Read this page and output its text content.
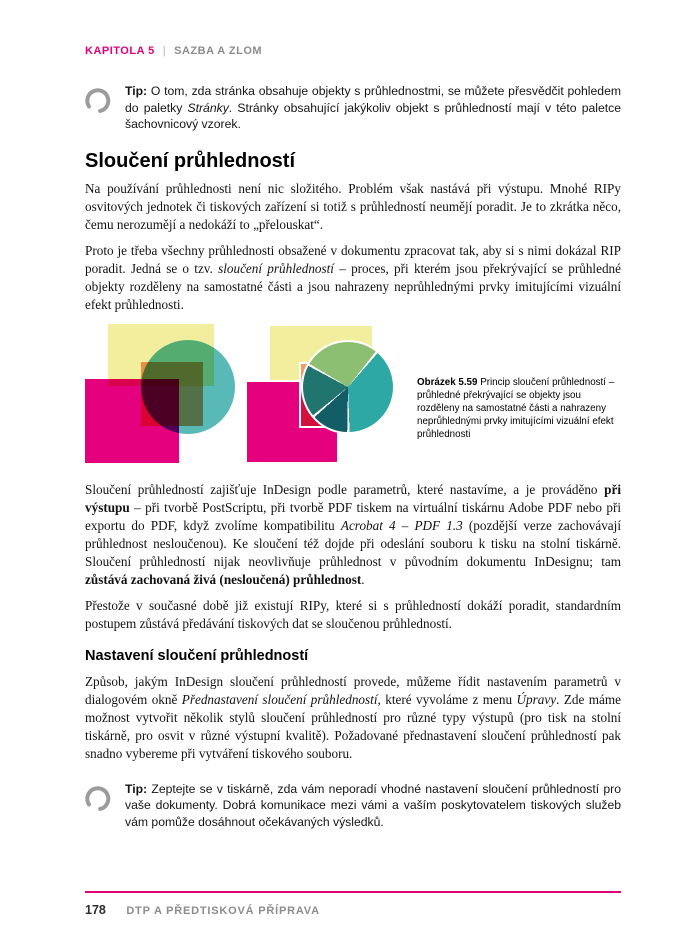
KAPITOLA 5 | SAZBA A ZLOM

Tip: O tom, zda stránka obsahuje objekty s průhlednostmi, se můžete přesvědčit pohledem do paletky Stránky. Stránky obsahující jakýkoliv objekt s průhledností mají v této paletce šachovnicový vzorek.

Sloučení průhledností

Na používání průhlednosti není nic složitého. Problém však nastává při výstupu. Mnohé RIPy osvitových jednotek či tiskových zařízení si totiž s průhledností neumějí poradit. Je to zkrátka něco, čemu nerozumějí a nedokáží to „přelouskat“.

Proto je třeba všechny průhlednosti obsažené v dokumentu zpracovat tak, aby si s nimi dokázal RIP poradit. Jedná se o tzv. sloučení průhledností – proces, při kterém jsou překrývající se průhledné objekty rozděleny na samostatné části a jsou nahrazeny neprůhlednými prvky imitujícími vizuální efekt průhlednosti.

Obrázek 5.59 Princip sloučení průhledností – průhledné překrývající se objekty jsou rozděleny na samostatné části a nahrazeny neprůhlednými prvky imitujícími vizuální efekt průhlednosti

Sloučení průhledností zajišťuje InDesign podle parametrů, které nastavíme, a je prováděno při výstupu – při tvorbě PostScriptu, při tvorbě PDF tiskem na virtuální tiskárnu Adobe PDF nebo při exportu do PDF, když zvolíme kompatibilitu Acrobat 4 – PDF 1.3 (pozdější verze zachovávají průhlednost nesloučenou). Ke sloučení též dojde při odeslání souboru k tisku na stolní tiskárně. Sloučení průhledností nijak neovlivňuje průhlednost v původním dokumentu InDesignu; tam zůstává zachovaná živá (nesloučená) průhlednost.

Přestože v současné době již existují RIPy, které si s průhledností dokáží poradit, standardním postupem zůstává předávání tiskových dat se sloučenou průhledností.

Nastavení sloučení průhledností

Způsob, jakým InDesign sloučení průhledností provede, můžeme řídit nastavením parametrů v dialogovém okně Přednastavení sloučení průhledností, které vyvoláme z menu Úpravy. Zde máme možnost vytvořit několik stylů sloučení průhledností pro různé typy výstupů (pro tisk na stolní tiskárně, pro osvit v různé výstupní kvalitě). Požadované přednastavení sloučení průhledností pak snadno vybereme při vytváření tiskového souboru.

Tip: Zeptejte se v tiskárně, zda vám neporadí vhodné nastavení sloučení průhledností pro vaše dokumenty. Dobrá komunikace mezi vámi a vaším poskytovatelem tiskových služeb vám pomůže dosáhnout očekávaných výsledků.

178 DTP A PŘEDTISKOVÁ PŘÍPRAVA
